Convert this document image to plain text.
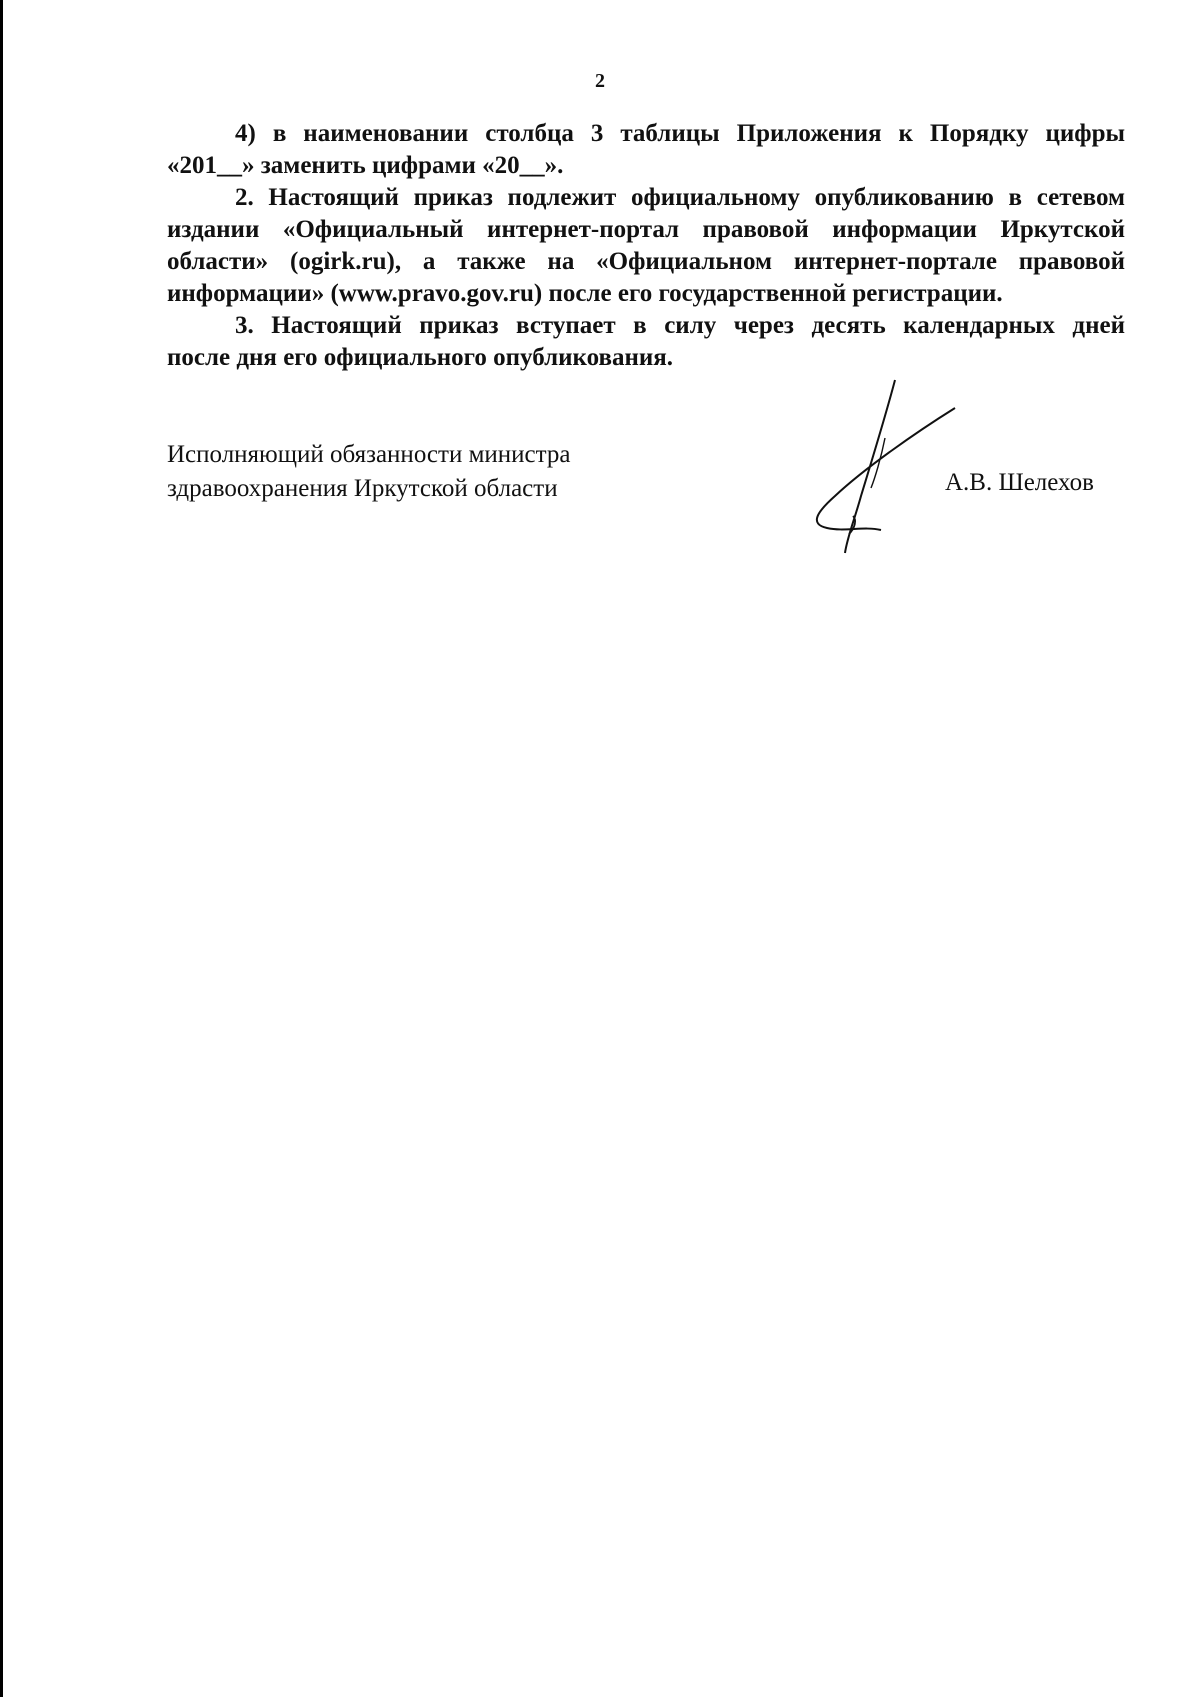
2

4) в наименовании столбца 3 таблицы Приложения к Порядку цифры
«201__» заменить цифрами «20__».

2. Настоящий приказ подлежит официальному опубликованию в сетевом
издании «Официальный интернет-портал правовой информации Иркутской
области» (ogirk.ru), а также на «Официальном интернет-портале правовой
информации» (www.pravo.gov.ru) после его государственной регистрации.

3. Настоящий приказ вступает в силу через десять календарных дней
после дня его официального опубликования.

Исполняющий обязанности министра
здравоохранения Иркутской области	А.В. Шелехов
